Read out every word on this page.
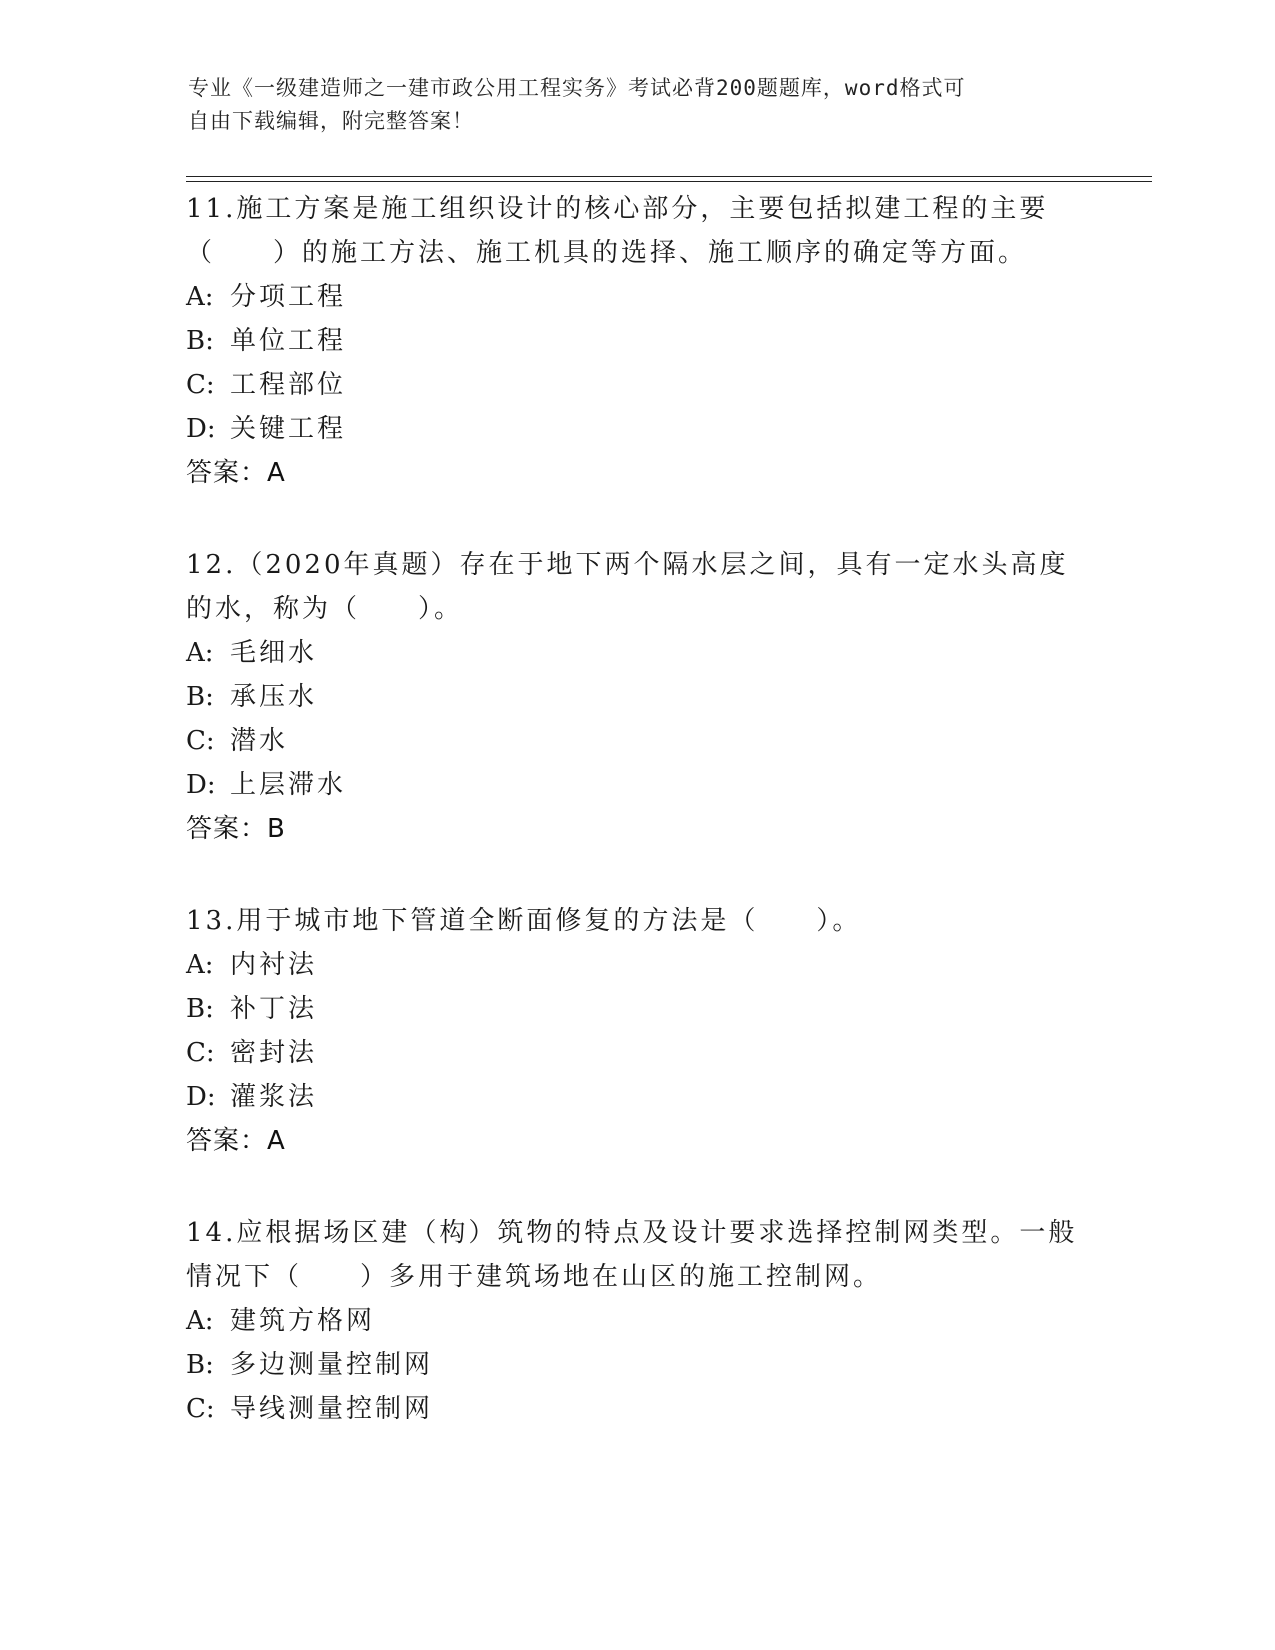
专业《一级建造师之一建市政公用工程实务》考试必背200题题库，word格式可
自由下载编辑，附完整答案！
11.施工方案是施工组织设计的核心部分，主要包括拟建工程的主要（　　）的施工方法、施工机具的选择、施工顺序的确定等方面。
A: 分项工程
B: 单位工程
C: 工程部位
D: 关键工程
答案：A
12.（2020年真题）存在于地下两个隔水层之间，具有一定水头高度的水，称为（　　）。
A: 毛细水
B: 承压水
C: 潜水
D: 上层滞水
答案：B
13.用于城市地下管道全断面修复的方法是（　　）。
A: 内衬法
B: 补丁法
C: 密封法
D: 灌浆法
答案：A
14.应根据场区建（构）筑物的特点及设计要求选择控制网类型。一般情况下（　　）多用于建筑场地在山区的施工控制网。
A: 建筑方格网
B: 多边测量控制网
C: 导线测量控制网
